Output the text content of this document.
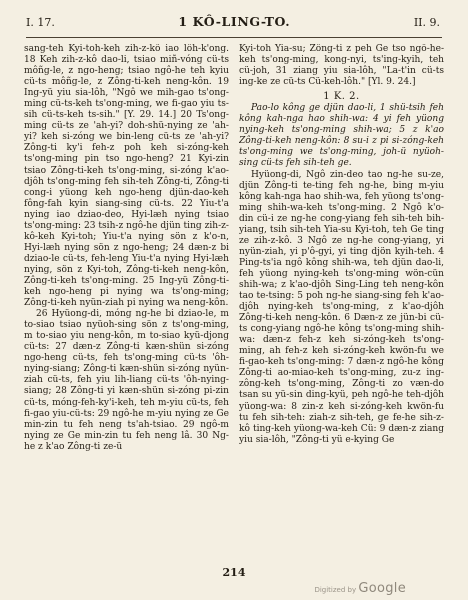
I. 17.	1 KÔ-LING-TO.	II. 9.

sang-teh Kyi-toh-keh zih-z-kô iao lôh-k'ong. 18 Keh zih-z-kô dao-li, tsiao miñ-vóng cü-ts môñg-le, z ngo-heng; tsiao ngô-he teh kyiu cü-ts môñg-le, z Zông-ti-keh neng-kôn. 19 Ing-yü yiu sia-lôh, "Ngô we mih-gao ts'ong-ming cü-ts-keh ts'ong-ming, we fi-gao yiu ts-sih cü-ts-keh ts-sih." [Y. 29. 14.] 20 Ts'ong-ming cü-ts ze 'ah-yi? doh-shü-nying ze 'ah-yi? keh si-zóng we bin-leng cü-ts ze 'ah-yi? Zông-ti ky'i feh-z poh keh si-zóng-keh ts'ong-ming pin tso ngo-heng? 21 Kyi-zin tsiao Zông-ti-keh ts'ong-ming, si-zóng k'ao-djôh ts'ong-ming feh sih-teh Zông-ti, Zông-ti cong-i yüong keh ngo-heng djün-dao-keh fông-fah kyin siang-sing cü-ts. 22 Yiu-t'a nying iao dziao-deo, Hyi-læh nying tsiao ts'ong-ming: 23 tsih-z ngô-he djün ting zih-z-kô-keh Kyi-toh; Yiu-t'a nying sön z k'o-n, Hyi-læh nying sön z ngo-heng; 24 dæn-z bi dziao-le cü-ts, feh-leng Yiu-t'a nying Hyi-læh nying, sön z Kyi-toh, Zông-ti-keh neng-kôn, Zông-ti-keh ts'ong-ming. 25 Ing-yü Zông-ti-keh ngo-heng pi nying wa ts'ong-ming; Zông-ti-keh nyün-ziah pi nying wa neng-kôn.

26 Hyüong-di, móng ng-he bi dziao-le, m to-siao tsiao nyüoh-sing sön z ts'ong-ming, m to-siao yiu neng-kôn, m to-siao kyü-djong cü-ts: 27 dæn-z Zông-ti kæn-shün si-zóng ngo-heng cü-ts, feh ts'ong-ming cü-ts 'ôh-nying-siang; Zông-ti kæn-shün si-zóng nyün-ziah cü-ts, feh yiu lih-liang cü-ts 'ôh-nying-siang; 28 Zông-ti yi kæn-shün si-zóng pi-zin cü-ts, móng-feh-ky'i-keh, teh m-yiu cü-ts, feh fi-gao yiu-cü-ts: 29 ngô-he m-yiu nying ze Ge min-zin tu feh neng ts'ah-tsiao. 29 ngô-m nying ze Ge min-zin tu feh neng lâ. 30 Ng-he z k'ao Zông-ti ze-ü

Kyi-toh Yia-su; Zông-ti z peh Ge tso ngô-he-keh ts'ong-ming, kong-nyi, ts'ing-kyih, teh cü-joh, 31 ziang yiu sia-lôh, "La-t'in cü-ts ing-ke ze cü-ts Cü-keh-lôh." [Yl. 9. 24.]

1 K. 2.

Pao-lo kông ge djün dao-li, 1 shü-tsih feh kông kah-nga hao shih-wa: 4 yi feh yüong nying-keh ts'ong-ming shih-wa; 5 z k'ao Zông-ti-keh neng-kôn: 8 su-i z pi si-zóng-keh ts'ong-ming we ts'ong-ming, joh-ü nyüoh-sing cü-ts feh sih-teh ge.

Hyüong-di, Ngô zin-deo tao ng-he su-ze, djün Zông-ti te-ting feh ng-he, bing m-yiu kông kah-nga hao shih-wa, feh yüong ts'ong-ming shih-wa-keh ts'ong-ming. 2 Ngô k'o-din cü-i ze ng-he cong-yiang feh sih-teh bih-yiang, tsih sih-teh Yia-su Kyi-toh, teh Ge ting ze zih-z-kô. 3 Ngô ze ng-he cong-yiang, yi nyün-ziah, yi p'ô-gyi, yi ting djön kyih-teh. 4 Ping-ts'ia ngô kông shih-wa, teh djün dao-li, feh yüong nying-keh ts'ong-ming wön-cün shih-wa; z k'ao-djôh Sing-Ling teh neng-kôn tao te-tsing: 5 poh ng-he siang-sing feh k'ao-djôh nying-keh ts'ong-ming, z k'ao-djôh Zông-ti-keh neng-kôn. 6 Dæn-z ze jün-bi cü-ts cong-yiang ngô-he kông ts'ong-ming shih-wa: dæn-z feh-z keh si-zóng-keh ts'ong-ming, ah feh-z keh si-zóng-keh kwön-fu we fi-gao-keh ts'ong-ming: 7 dæn-z ngô-he kông Zông-ti ao-miao-keh ts'ong-ming, zu-z ing-zông-keh ts'ong-ming, Zông-ti zo væn-do tsan su yü-sin ding-kyü, peh ngô-he teh-djôh yüong-wa: 8 zin-z keh si-zóng-keh kwön-fu tu feh sih-teh: ziah-z sih-teh, ge fe-he sih-z-kô ting-keh yüong-wa-keh Cü: 9 dæn-z ziang yiu sia-lôh, "Zông-ti yü e-kying Ge

214
Digitized by Google
